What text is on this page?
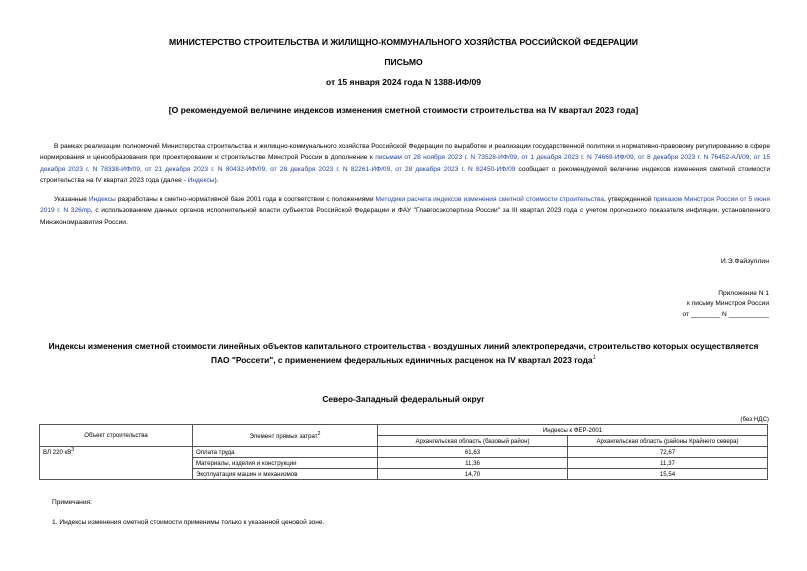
МИНИСТЕРСТВО СТРОИТЕЛЬСТВА И ЖИЛИЩНО-КОММУНАЛЬНОГО ХОЗЯЙСТВА РОССИЙСКОЙ ФЕДЕРАЦИИ
ПИСЬМО
от 15 января 2024 года N 1388-ИФ/09
[О рекомендуемой величине индексов изменения сметной стоимости строительства на IV квартал 2023 года]
В рамках реализации полномочий Министерства строительства и жилищно-коммунального хозяйства Российской Федерации по выработке и реализации государственной политики и нормативно-правовому регулированию в сфере нормирования и ценообразования при проектировании и строительстве Минстрой России в дополнение к письмам от 28 ноября 2023 г. N 73528-ИФ/09, от 1 декабря 2023 г. N 74669-ИФ/09, от 8 декабря 2023 г. N 76452-АЛ/09, от 15 декабря 2023 г. N 78338-ИФ/09, от 21 декабря 2023 г. N 80432-ИФ/09, от 28 декабря 2023 г. N 82261-ИФ/09, от 28 декабря 2023 г. N 82450-ИФ/09 сообщает о рекомендуемой величине индексов изменения сметной стоимости строительства на IV квартал 2023 года (далее - Индексы).
Указанные Индексы разработаны к сметно-нормативной базе 2001 года в соответствии с положениями Методики расчета индексов изменения сметной стоимости строительства, утвержденной приказом Минстроя России от 5 июня 2019 г. N 326/пр, с использованием данных органов исполнительной власти субъектов Российской Федерации и ФАУ "Главгосэкспертиза России" за III квартал 2023 года с учетом прогнозного показателя инфляции, установленного Минэкономразвития России.
И.Э.Файзуллин
Приложение N 1
к письму Минстроя России
от ________ N ___________
Индексы изменения сметной стоимости линейных объектов капитального строительства - воздушных линий электропередачи, строительство которых осуществляется ПАО "Россети", с применением федеральных единичных расценок на IV квартал 2023 года$^1$
Северо-Западный федеральный округ
(без НДС)
Объект строительства	Элемент прямых затрат$^2$	Индексы к ФЕР-2001	
		Архангельская область (базовый район)	Архангельская область (районы Крайнего севера)
ВЛ 220 $кВ^3$	Оплата труда	61,63	72,67
	Материалы, изделия и конструкции	11,36	11,37
	Эксплуатация машин и механизмов	14,70	15,54
Примечания:
1. Индексы изменения сметной стоимости применимы только к указанной ценовой зоне.
